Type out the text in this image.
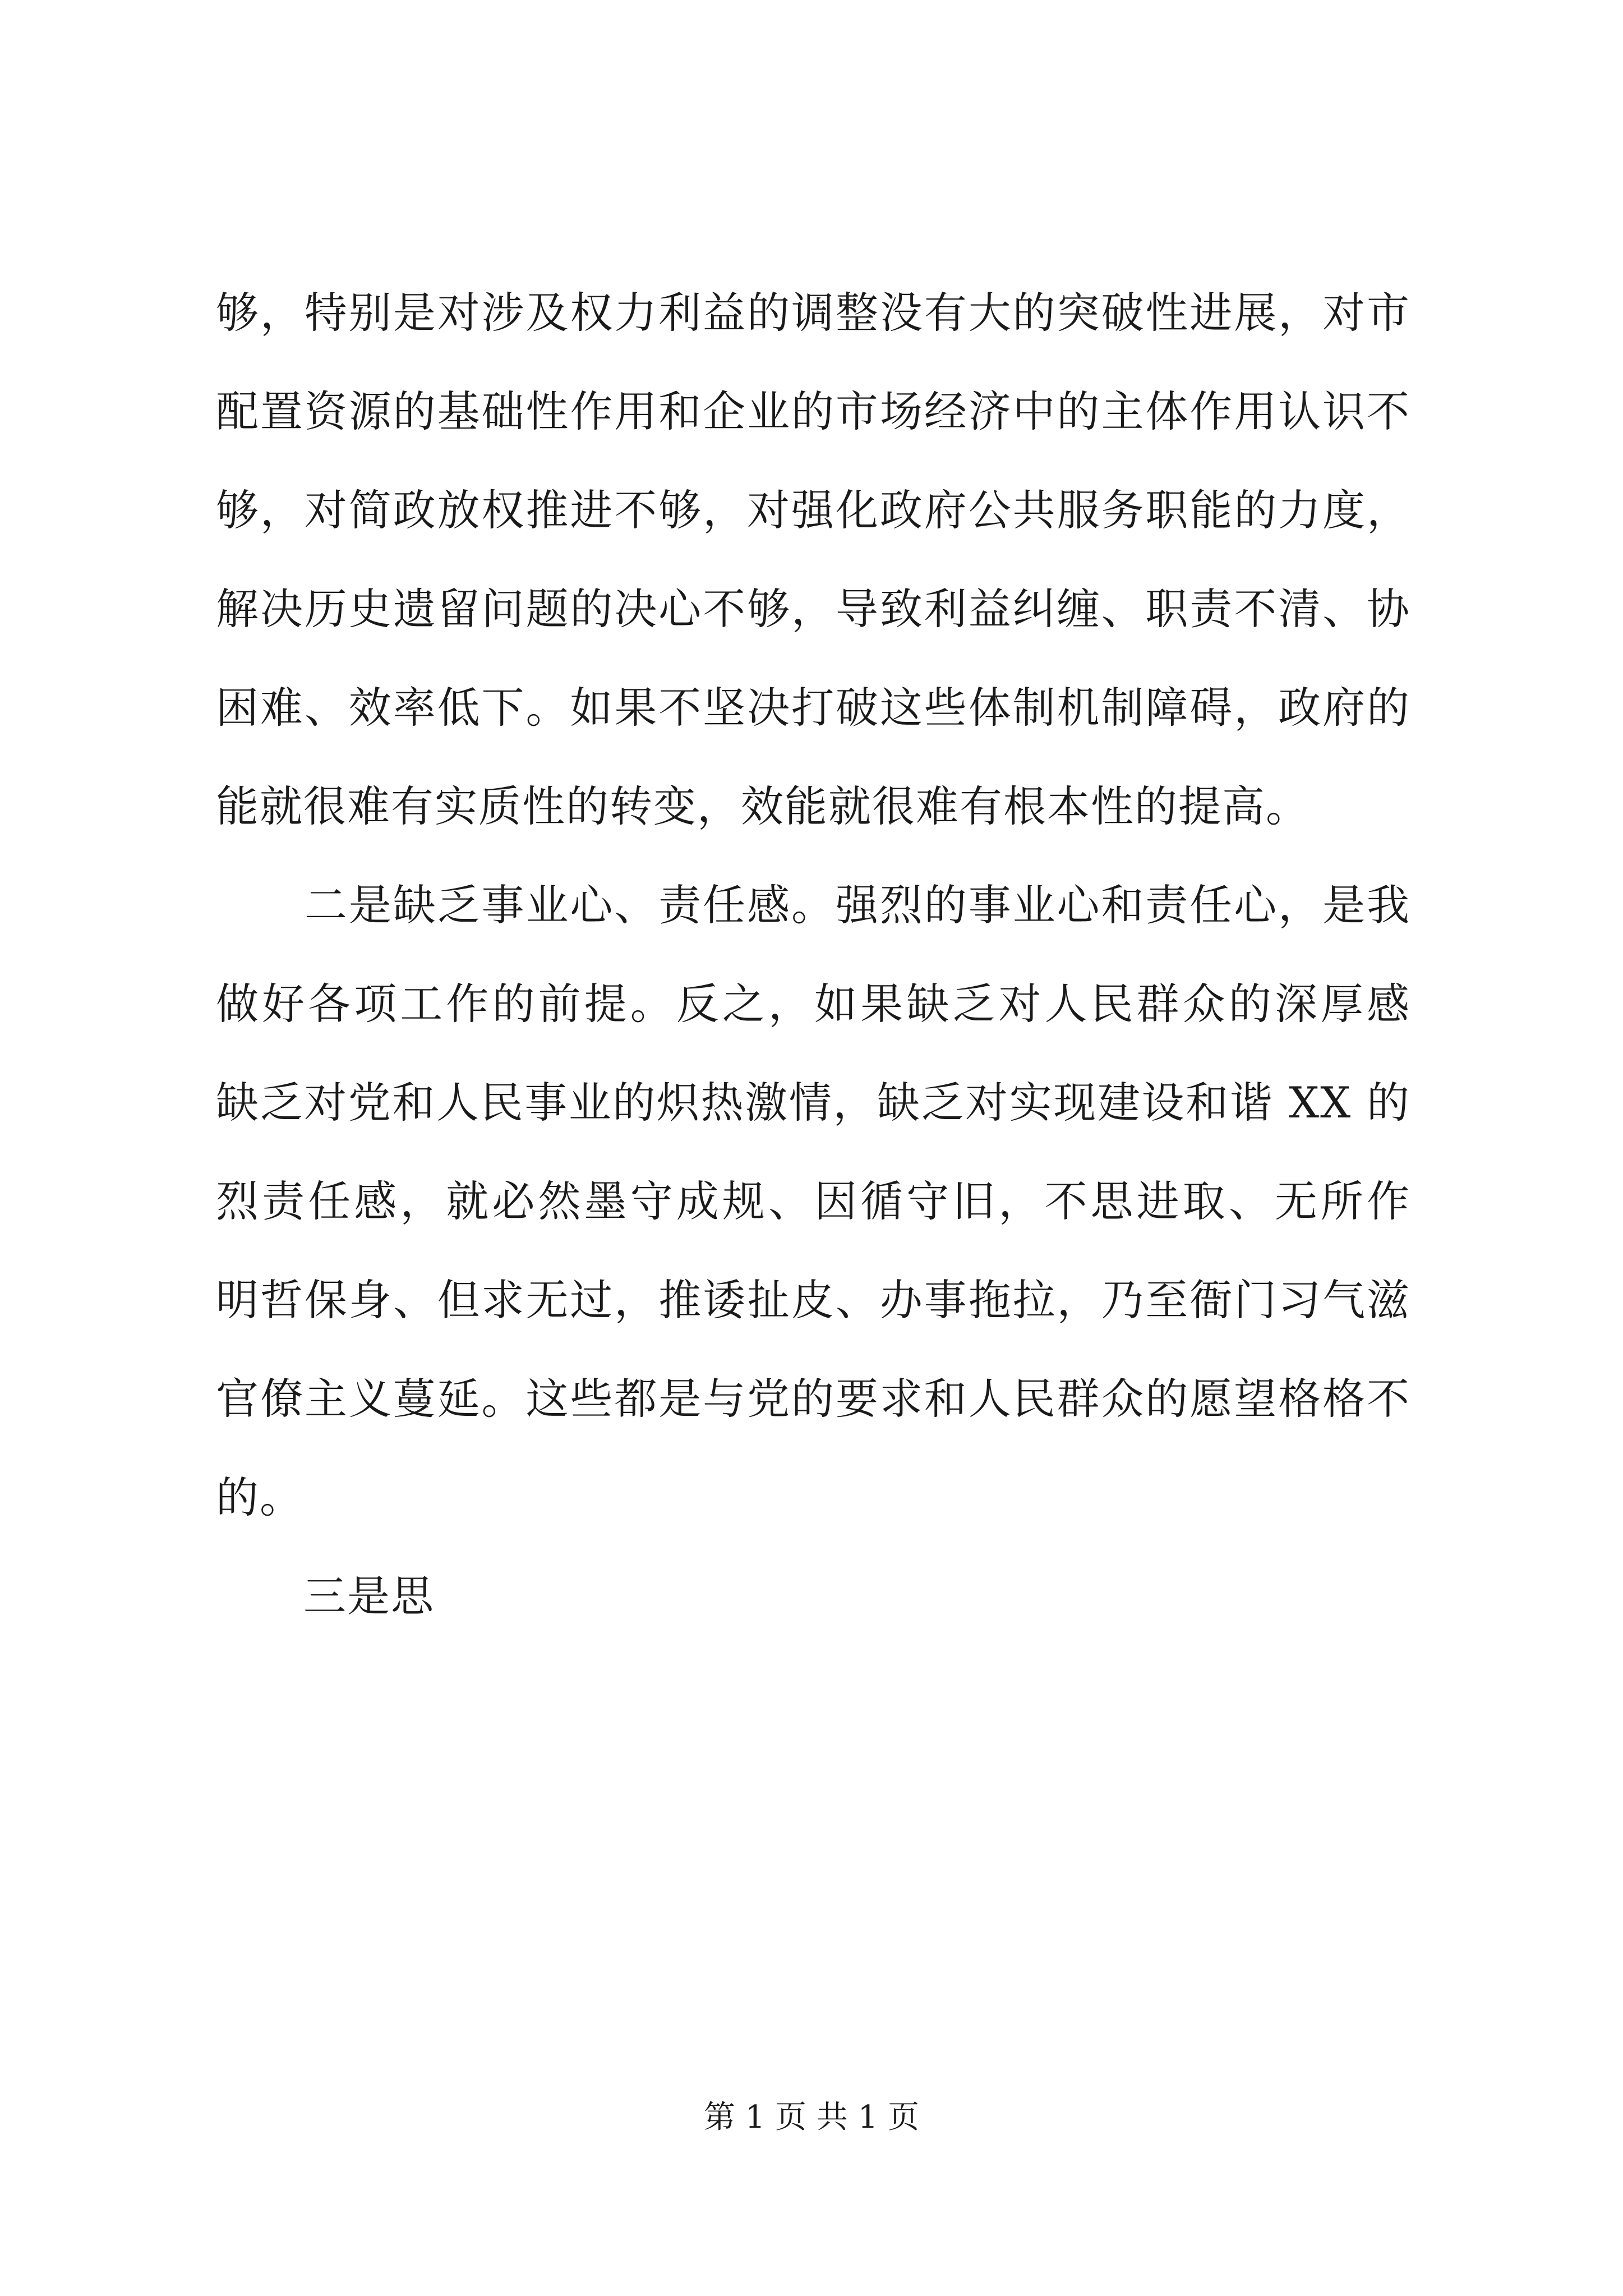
够，特别是对涉及权力利益的调整没有大的突破性进展，对市
配置资源的基础性作用和企业的市场经济中的主体作用认识不
够，对简政放权推进不够，对强化政府公共服务职能的力度，
解决历史遗留问题的决心不够，导致利益纠缠、职责不清、协
困难、效率低下。如果不坚决打破这些体制机制障碍，政府的
能就很难有实质性的转变，效能就很难有根本性的提高。
　　二是缺乏事业心、责任感。强烈的事业心和责任心，是我
做好各项工作的前提。反之，如果缺乏对人民群众的深厚感
缺乏对党和人民事业的炽热激情，缺乏对实现建设和谐 XX 的
烈责任感，就必然墨守成规、因循守旧，不思进取、无所作
明哲保身、但求无过，推诿扯皮、办事拖拉，乃至衙门习气滋
官僚主义蔓延。这些都是与党的要求和人民群众的愿望格格不
的。
　　三是思
第 1 页 共 1 页
